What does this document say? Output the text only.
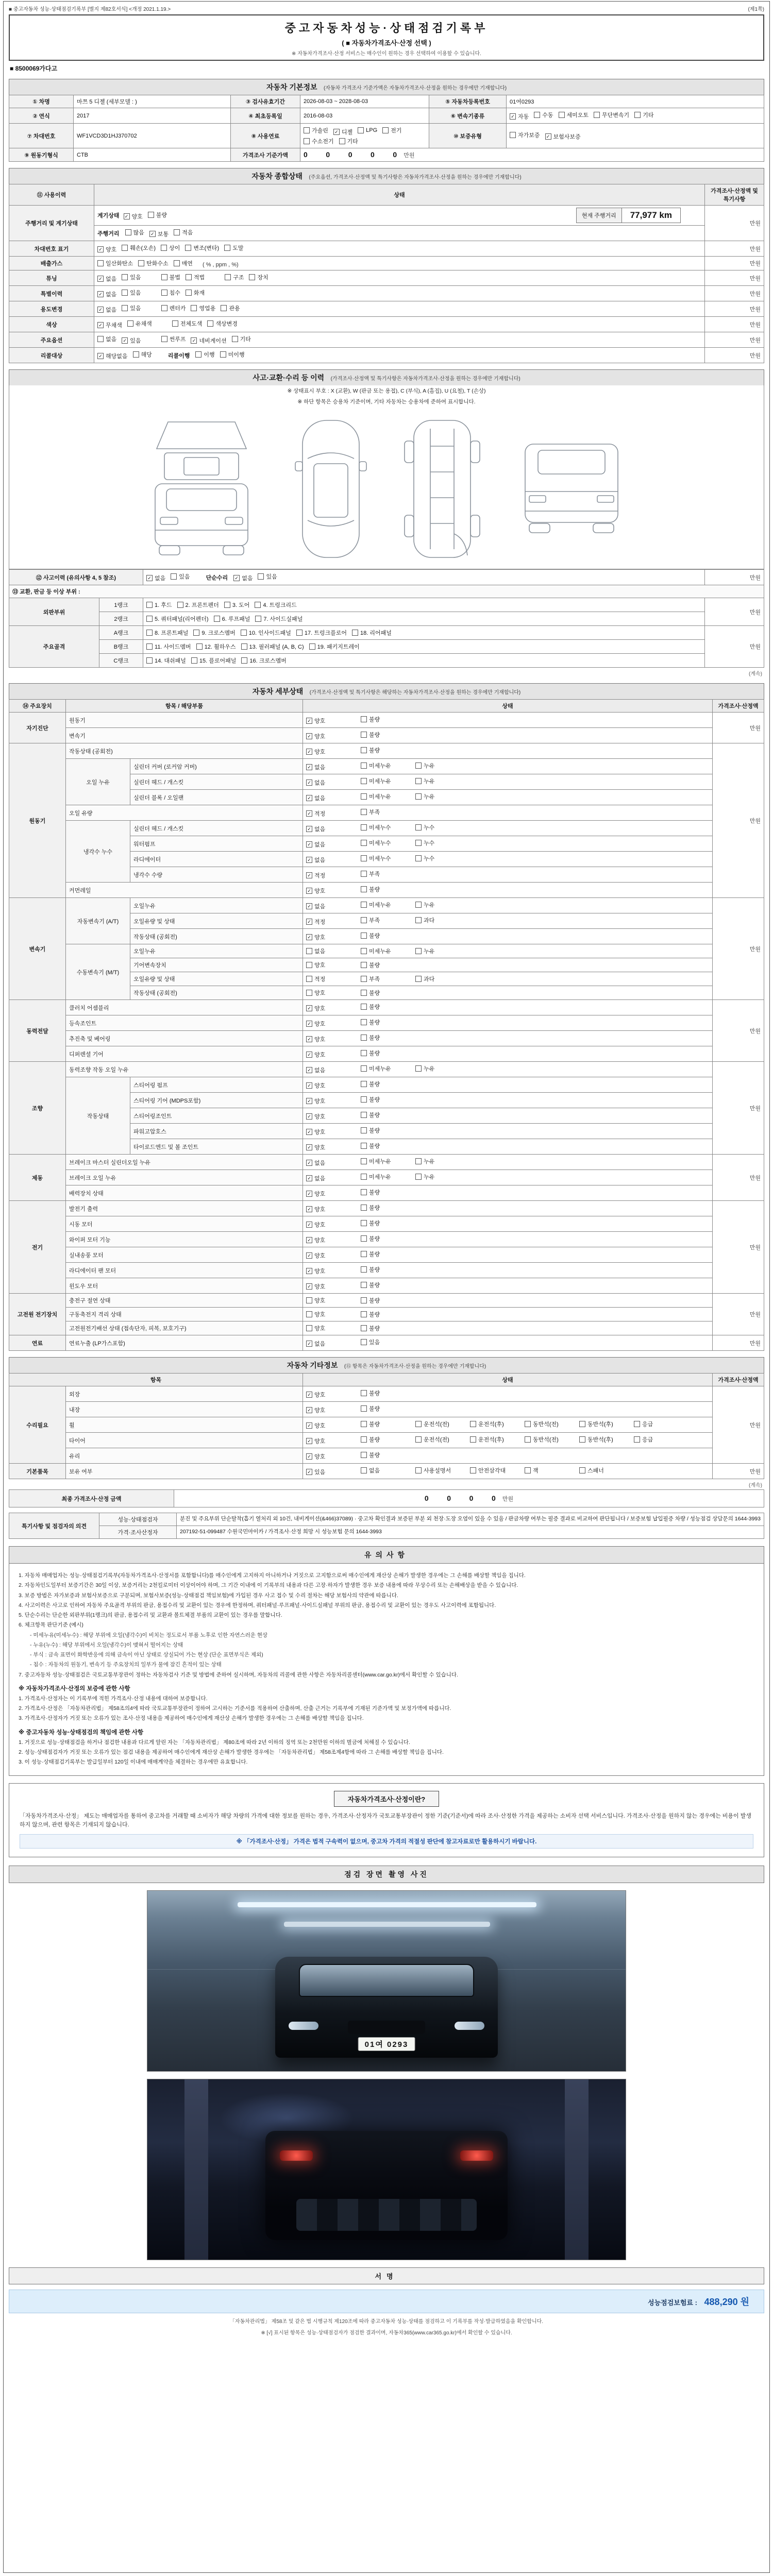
■ 중고자동차 성능·상태점검기록부 [별지 제82호서식] <개정 2021.1.19.>	(제1쪽)
중고자동차성능·상태점검기록부
( ■ 자동차가격조사·산정 선택 )
※ 자동차가격조사·산정 서비스는 매수인이 원하는 경우 선택하여 이용할 수 있습니다.
■ 8500069가다고
자동차 기본정보 (자동차 가격조사 기준가액은 자동차가격조사·산정을 원하는 경우에만 기재합니다)
① 차명	마쯔 5 디젤 (세부모델 : )	③ 검사유효기간	2026-08-03 ~ 2028-08-03	⑤ 자동차등록번호	01여0293
② 연식	2017	④ 최초등록일	2016-08-03	⑥ 변속기종류	✓ 자동 수동 세미오토 무단변속기 기타

⑦ 차대번호	WF1VCD3D1HJ370702	⑧ 사용연료	
가솔린 ✓ 디젤 LPG 전기
수소전기 기타
	⑩ 보증유형	자가보증 ✓ 보험사보증

⑨ 원동기형식	CTB	가격조사 기준가액	0    0    0    0    0 만원		
자동차 종합상태 (주요옵션, 가격조사·산정액 및 특기사항은 자동차가격조사·산정을 원하는 경우에만 기재합니다)
⑪ 사용이력	상태	가격조사·산정액 및 특기사항
주행거리 및 계기상태	
계기상태 ✓ 양호 불량	현재 주행거리	77,977 km
	만원
	주행거리 많음 ✓ 보통 적음	

차대번호 표기	✓ 양호 훼손(오손) 상이 변조(변타) 도말	만원
배출가스	일산화탄소 탄화수소 매연 ( % , ppm , %)	만원
튜닝	✓ 없음 있음
	불법 적법
	구조 장치	만원
특별이력	✓ 없음 있음
침수 화재	만원
용도변경	✓ 없음 있음
	렌터카 영업용 관용	만원
색상	✓ 무채색 유채색
전체도색 색상변경	만원
주요옵션	없음 ✓ 있음
	썬루프 ✓ 네비게이션 기타	만원
리콜대상	✓ 해당없음 해당	리콜이행 이행 미이행	만원
사고·교환·수리 등 이력 (가격조사·산정액 및 특기사항은 자동차가격조사·산정을 원하는 경우에만 기재합니다)
※ 상태표시 부호 : X (교환), W (판금 또는 용접), C (부식), A (흠집), U (요철), T (손상)
※ 하단 항목은 승용차 기준이며, 기타 자동차는 승용차에 준하여 표시합니다.
⑫ 사고이력 (유의사항 4, 5 참조)	✓ 없음 있음	단순수리 ✓ 없음 있음	만원
⑬ 교환, 판금 등 이상 부위 :			
외판부위	1랭크	1. 후드 2. 프론트펜더 3. 도어 4. 트렁크리드	만원
	2랭크	5. 쿼터패널(리어펜더) 6. 루프패널 7. 사이드실패널	

주요골격	A랭크	8. 프론트패널 9. 크로스멤버 10. 인사이드패널 17. 트렁크플로어 18. 리어패널	만원
	B랭크	11. 사이드멤버 12. 휠하우스 13. 필러패널 (A, B, C) 19. 패키지트레이	

	C랭크	14. 대쉬패널 15. 플로어패널 16. 크로스멤버	
(계속)
자동차 세부상태 (가격조사·산정액 및 특기사항은 해당하는 자동차가격조사·산정을 원하는 경우에만 기재합니다)
⑭ 주요장치	항목 / 해당부품		상태	가격조사·산정액
자기진단	원동기		✓ 양호 불량	만원
	변속기		✓ 양호 불량	

원동기	작동상태 (공회전)		✓ 양호 불량	만원
	오일 누유	실린더 커버 (로커암 커버)	✓ 없음 미세누유 누유	

		실린더 헤드 / 개스킷	✓ 없음 미세누유 누유	

		실린더 블록 / 오일팬	✓ 없음 미세누유 누유	

	오일 유량		✓ 적정 부족	

	냉각수 누수	실린더 헤드 / 개스킷	✓ 없음 미세누수 누수	

		워터펌프	✓ 없음 미세누수 누수	

		라디에이터	✓ 없음 미세누수 누수	

		냉각수 수량	✓ 적정 부족	

	커먼레일		✓ 양호 불량	

변속기	자동변속기 (A/T)	오일누유	✓ 없음 미세누유 누유	만원
		오일유량 및 상태	✓ 적정 부족 과다	

		작동상태 (공회전)	✓ 양호 불량	

	수동변속기 (M/T)	오일누유	없음 미세누유 누유	

		기어변속장치	양호 불량	

		오일유량 및 상태	적정 부족 과다	

		작동상태 (공회전)	양호 불량	

동력전달	클러치 어셈블리		✓ 양호 불량	만원
	등속조인트		✓ 양호 불량	

	추진축 및 베어링		✓ 양호 불량	

	디퍼렌셜 기어		✓ 양호 불량	

조향	동력조향 작동 오일 누유		✓ 없음 미세누유 누유	만원
	작동상태	스티어링 펌프	✓ 양호 불량	

		스티어링 기어 (MDPS포함)	✓ 양호 불량	

		스티어링조인트	✓ 양호 불량	

		파워고압호스	✓ 양호 불량	

		타이로드엔드 및 볼 조인트	✓ 양호 불량	

제동	브레이크 마스터 실린더오일 누유		✓ 없음 미세누유 누유	만원
	브레이크 오일 누유		✓ 없음 미세누유 누유	

	배력장치 상태		✓ 양호 불량	

전기	발전기 출력		✓ 양호 불량	만원
	시동 모터		✓ 양호 불량	

	와이퍼 모터 기능		✓ 양호 불량	

	실내송풍 모터		✓ 양호 불량	

	라디에이터 팬 모터		✓ 양호 불량	

	윈도우 모터		✓ 양호 불량	

고전원 전기장치	충전구 절연 상태		양호 불량	만원
	구동축전지 격리 상태		양호 불량	

	고전원전기배선 상태 (접속단자, 피복, 보호기구)		양호 불량	

연료	연료누출 (LP가스포함)		✓ 없음 있음	만원
자동차 기타정보 (⑮ 항목은 자동차가격조사·산정을 원하는 경우에만 기재합니다)
항목		상태	가격조사·산정액
수리필요	외장	✓ 양호 불량	만원
	내장	✓ 양호 불량	

휠	✓ 양호	불량	운전석(전)	운전석(후)	동반석(전)	동반석(후)	응급

타이어	✓ 양호	불량	운전석(전)	운전석(후)	동반석(전)	동반석(후)	응급

	유리	✓ 양호 불량	

기본품목	보유 여부	✓ 있음	없음	사용설명서	안전삼각대	잭	스패너	만원
(계속)
최종 가격조사·산정 금액	0    0    0    0 만원
특기사항 및 점검자의 의견	성능·상태점검자	분진 및 주요부위 단순탈착(흡기 열처리 외 10건, 내비게이션(&466)37089) · 중고차 확인결과 보증된 부분 외 천장·도장 오염이 있을 수 있음 / 판금차량 여부는 필증 결과로 비교하여 판단됩니다 / 보증보험 납입필증 차량 / 성능점검 상담문의 1644-3993
	가격·조사산정자	207192-51-099487 수원국민마이카 / 가격조사·산정 희망 시 성능보험 문의 1644-3993
유의사항

1. 자동차 매매업자는 성능·상태점검기록부(자동차가격조사·산정서를 포함합니다)를 매수인에게 고지하지 아니하거나 거짓으로 고지함으로써 매수인에게 재산상 손해가 발생한 경우에는 그 손해를 배상할 책임을 집니다.

2. 자동차인도일부터 보증기간은 30일 이상, 보증거리는 2천킬로미터 이상이어야 하며, 그 기간 이내에 이 기록부의 내용과 다른 고장·하자가 발생한 경우 보증 내용에 따라 무상수리 또는 손해배상을 받을 수 있습니다.

3. 보증 방법은 자가보증과 보험사보증으로 구분되며, 보험사보증(성능·상태점검 책임보험)에 가입된 경우 사고 접수 및 수리 절차는 해당 보험사의 약관에 따릅니다.

4. 사고이력은 사고로 인하여 자동차 주요골격 부위의 판금, 용접수리 및 교환이 있는 경우에 한정하며, 쿼터패널·루프패널·사이드실패널 부위의 판금, 용접수리 및 교환이 있는 경우도 사고이력에 포함됩니다.

5. 단순수리는 단순한 외판부위(1랭크)의 판금, 용접수리 및 교환과 볼트체결 부품의 교환이 있는 경우를 말합니다.

6. 체크항목 판단기준 (예시)

- 미세누유(미세누수) : 해당 부위에 오일(냉각수)이 비치는 정도로서 부품 노후로 인한 자연스러운 현상

- 누유(누수) : 해당 부위에서 오일(냉각수)이 맺혀서 떨어지는 상태

- 부식 : 금속 표면이 화학반응에 의해 금속이 아닌 상태로 상실되어 가는 현상 (단순 표면부식은 제외)

- 침수 : 자동차의 원동기, 변속기 등 주요장치의 일부가 물에 잠긴 흔적이 있는 상태

7. 중고자동차 성능·상태점검은 국토교통부장관이 정하는 자동차검사 기준 및 방법에 준하여 실시하며, 자동차의 리콜에 관한 사항은 자동차리콜센터(www.car.go.kr)에서 확인할 수 있습니다.

※ 자동차가격조사·산정의 보증에 관한 사항

1. 가격조사·산정자는 이 기록부에 적힌 가격조사·산정 내용에 대하여 보증합니다.

2. 가격조사·산정은 「자동차관리법」 제58조의4에 따라 국토교통부장관이 정하여 고시하는 기준서를 적용하여 산출하며, 산출 근거는 기록부에 기재된 기준가액 및 보정가액에 따릅니다.

3. 가격조사·산정자가 거짓 또는 오류가 있는 조사·산정 내용을 제공하여 매수인에게 재산상 손해가 발생한 경우에는 그 손해를 배상할 책임을 집니다.

※ 중고자동차 성능·상태점검의 책임에 관한 사항

1. 거짓으로 성능·상태점검을 하거나 점검한 내용과 다르게 알린 자는 「자동차관리법」 제80조에 따라 2년 이하의 징역 또는 2천만원 이하의 벌금에 처해질 수 있습니다.

2. 성능·상태점검자가 거짓 또는 오류가 있는 점검 내용을 제공하여 매수인에게 재산상 손해가 발생한 경우에는 「자동차관리법」 제58조제4항에 따라 그 손해를 배상할 책임을 집니다.

3. 이 성능·상태점검기록부는 발급일부터 120일 이내에 매매계약을 체결하는 경우에만 유효합니다.

자동차가격조사·산정이란?
「자동차가격조사·산정」 제도는 매매업자를 통하여 중고차를 거래할 때 소비자가 해당 차량의 가격에 대한 정보를 원하는 경우, 가격조사·산정자가 국토교통부장관이 정한 기준(기준서)에 따라 조사·산정한 가격을 제공하는 소비자 선택 서비스입니다. 가격조사·산정을 원하지 않는 경우에는 비용이 발생하지 않으며, 관련 항목은 기재되지 않습니다.
※ 「가격조사·산정」 가격은 법적 구속력이 없으며, 중고차 가격의 적절성 판단에 참고자료로만 활용하시기 바랍니다.
점검 장면 촬영 사진
01여 0293
서명
성능점검보험료 : 488,290 원
「자동차관리법」 제58조 및 같은 법 시행규칙 제120조에 따라 중고자동차 성능·상태를 점검하고 이 기록부를 작성·발급하였음을 확인합니다.
※ [√] 표시된 항목은 성능·상태점검자가 점검한 결과이며, 자동차365(www.car365.go.kr)에서 확인할 수 있습니다.
